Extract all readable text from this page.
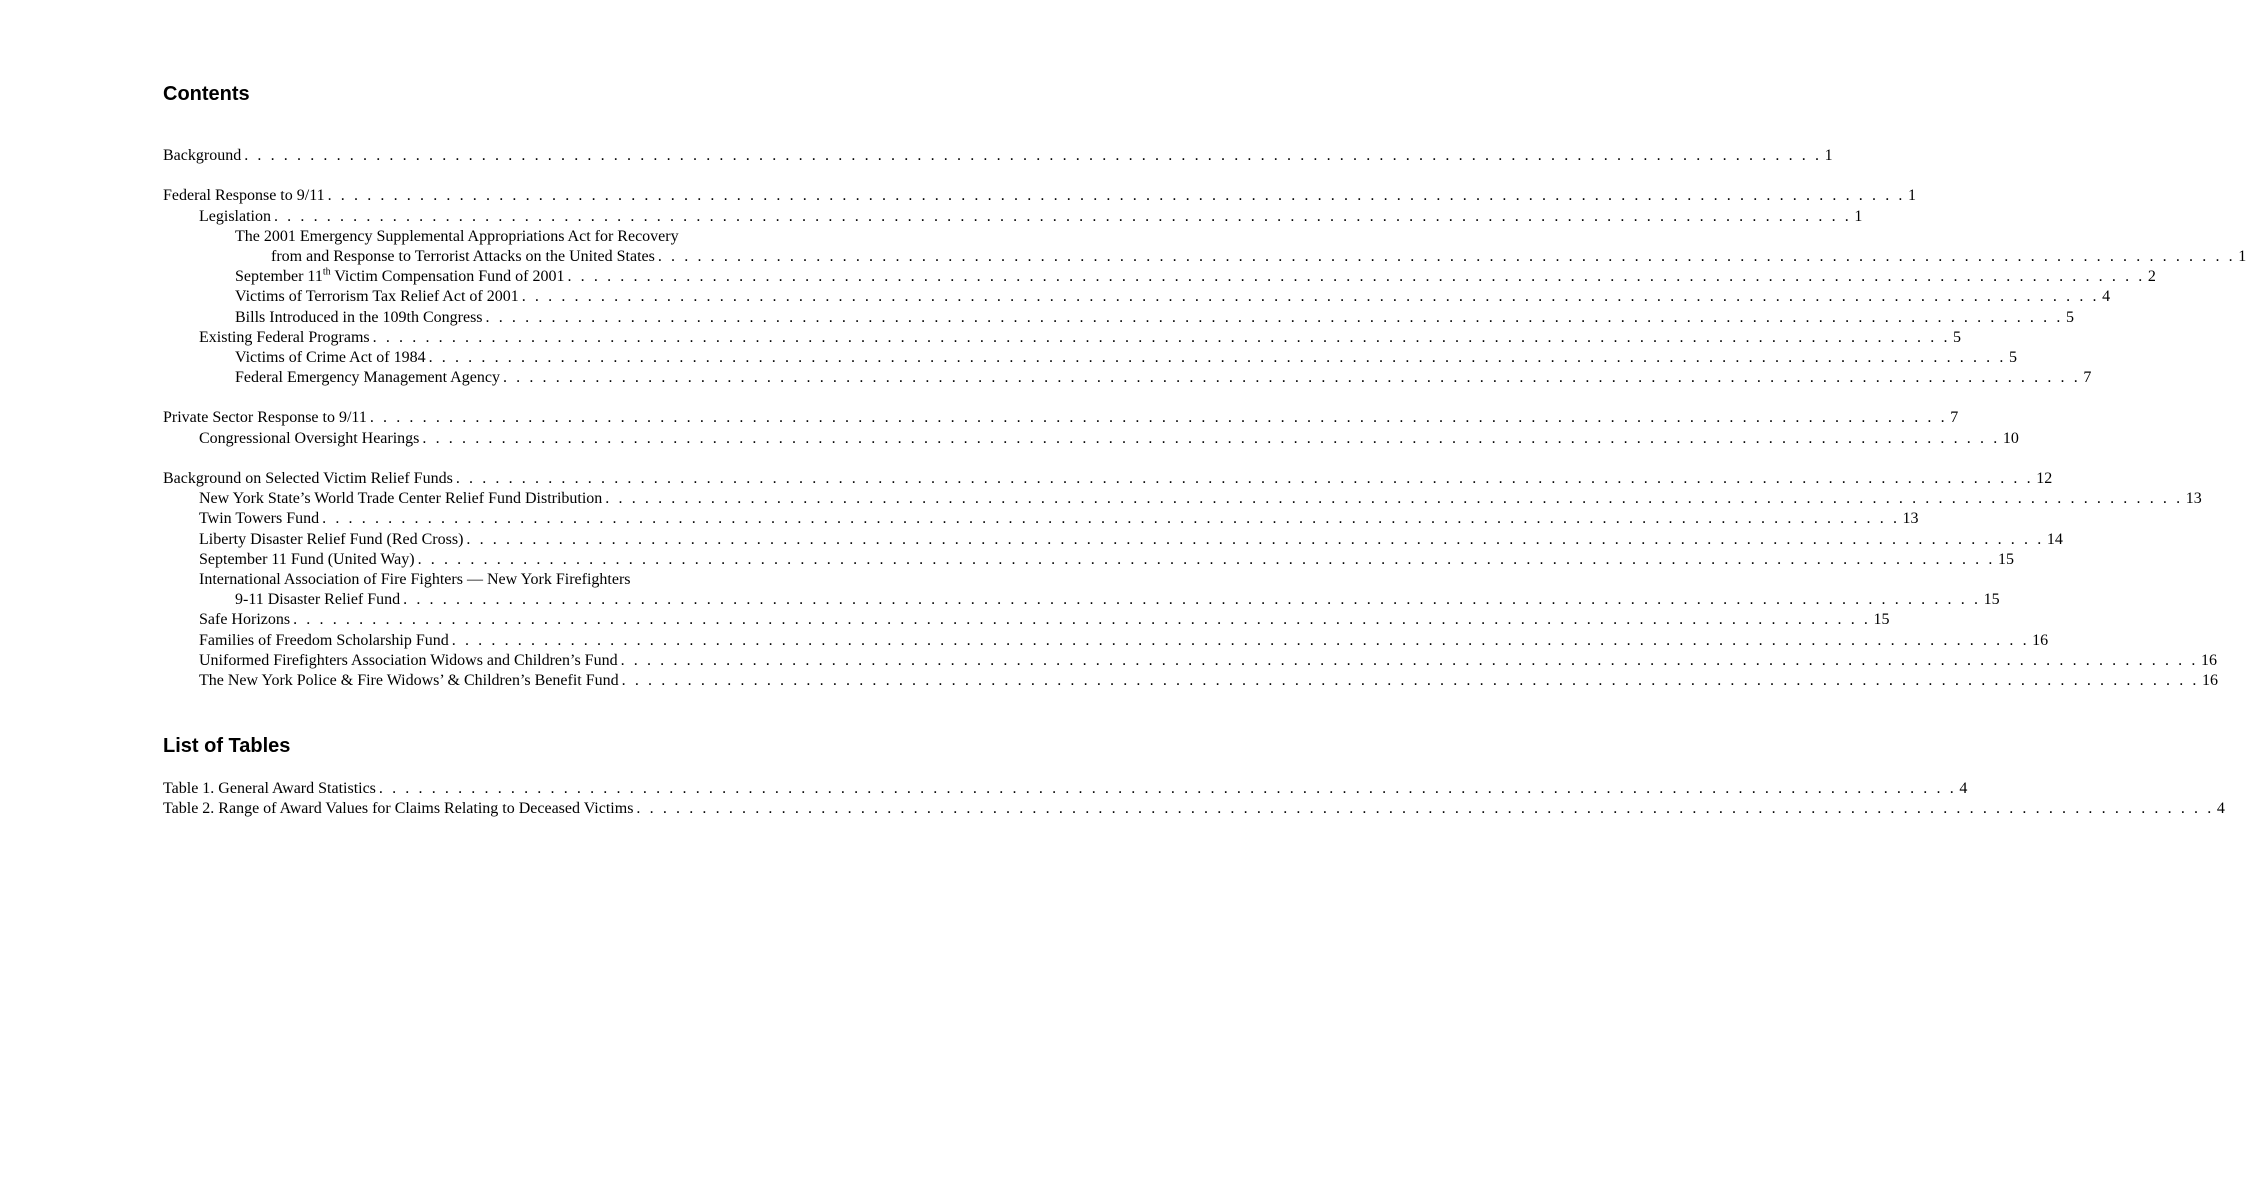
Contents
Background . . . . . . . . . . . . . . . . . . . . . . . . . . . . . . . . . . . . . . . . . . . . . . . . . . . . . . . . . . . . . . . . . . . . . . . . . . . . . . . . . . . . . . . . . . . . . . . . . . . . . . . . . . . . . . . . . . . . . . . . 1
Federal Response to 9/11 . . . . . . . . . . . . . . . . . . . . . . . . . . . . . . . . . . . . . . . . . . . . . . . . . . . . . . . . . . . . . . . . . . . . . . . . . . . . . . . . . . . . . . . . . . . . . . . . . . . . . . . . . . . . . . . . . . . . . . . . 1
Legislation . . . . . . . . . . . . . . . . . . . . . . . . . . . . . . . . . . . . . . . . . . . . . . . . . . . . . . . . . . . . . . . . . . . . . . . . . . . . . . . . . . . . . . . . . . . . . . . . . . . . . . . . . . . . . . . . . . . . . . . . 1
The 2001 Emergency Supplemental Appropriations Act for Recovery
from and Response to Terrorist Attacks on the United States . . . . . . . . . . . . . . . . . . . . . . . . . . . . . . . . . . . . . . . . . . . . . . . . . . . . . . . . . . . . . . . . . . . . . . . . . . . . . . . . . . . . . . . . . . . . . . . . . . . . . . . . . . . . . . . . . . . . . . . . 1
September 11th Victim Compensation Fund of 2001 . . . . . . . . . . . . . . . . . . . . . . . . . . . . . . . . . . . . . . . . . . . . . . . . . . . . . . . . . . . . . . . . . . . . . . . . . . . . . . . . . . . . . . . . . . . . . . . . . . . . . . . . . . . . . . . . . . . . . . . . 2
Victims of Terrorism Tax Relief Act of 2001 . . . . . . . . . . . . . . . . . . . . . . . . . . . . . . . . . . . . . . . . . . . . . . . . . . . . . . . . . . . . . . . . . . . . . . . . . . . . . . . . . . . . . . . . . . . . . . . . . . . . . . . . . . . . . . . . . . . . . . . . 4
Bills Introduced in the 109th Congress . . . . . . . . . . . . . . . . . . . . . . . . . . . . . . . . . . . . . . . . . . . . . . . . . . . . . . . . . . . . . . . . . . . . . . . . . . . . . . . . . . . . . . . . . . . . . . . . . . . . . . . . . . . . . . . . . . . . . . . . 5
Existing Federal Programs . . . . . . . . . . . . . . . . . . . . . . . . . . . . . . . . . . . . . . . . . . . . . . . . . . . . . . . . . . . . . . . . . . . . . . . . . . . . . . . . . . . . . . . . . . . . . . . . . . . . . . . . . . . . . . . . . . . . . . . . 5
Victims of Crime Act of 1984 . . . . . . . . . . . . . . . . . . . . . . . . . . . . . . . . . . . . . . . . . . . . . . . . . . . . . . . . . . . . . . . . . . . . . . . . . . . . . . . . . . . . . . . . . . . . . . . . . . . . . . . . . . . . . . . . . . . . . . . . 5
Federal Emergency Management Agency . . . . . . . . . . . . . . . . . . . . . . . . . . . . . . . . . . . . . . . . . . . . . . . . . . . . . . . . . . . . . . . . . . . . . . . . . . . . . . . . . . . . . . . . . . . . . . . . . . . . . . . . . . . . . . . . . . . . . . . . 7
Private Sector Response to 9/11 . . . . . . . . . . . . . . . . . . . . . . . . . . . . . . . . . . . . . . . . . . . . . . . . . . . . . . . . . . . . . . . . . . . . . . . . . . . . . . . . . . . . . . . . . . . . . . . . . . . . . . . . . . . . . . . . . . . . . . . . 7
Congressional Oversight Hearings . . . . . . . . . . . . . . . . . . . . . . . . . . . . . . . . . . . . . . . . . . . . . . . . . . . . . . . . . . . . . . . . . . . . . . . . . . . . . . . . . . . . . . . . . . . . . . . . . . . . . . . . . . . . . . . . . . . . . . . . 10
Background on Selected Victim Relief Funds . . . . . . . . . . . . . . . . . . . . . . . . . . . . . . . . . . . . . . . . . . . . . . . . . . . . . . . . . . . . . . . . . . . . . . . . . . . . . . . . . . . . . . . . . . . . . . . . . . . . . . . . . . . . . . . . . . . . . . . . 12
New York State’s World Trade Center Relief Fund Distribution . . . . . . . . . . . . . . . . . . . . . . . . . . . . . . . . . . . . . . . . . . . . . . . . . . . . . . . . . . . . . . . . . . . . . . . . . . . . . . . . . . . . . . . . . . . . . . . . . . . . . . . . . . . . . . . . . . . . . . . . 13
Twin Towers Fund . . . . . . . . . . . . . . . . . . . . . . . . . . . . . . . . . . . . . . . . . . . . . . . . . . . . . . . . . . . . . . . . . . . . . . . . . . . . . . . . . . . . . . . . . . . . . . . . . . . . . . . . . . . . . . . . . . . . . . . . 13
Liberty Disaster Relief Fund (Red Cross) . . . . . . . . . . . . . . . . . . . . . . . . . . . . . . . . . . . . . . . . . . . . . . . . . . . . . . . . . . . . . . . . . . . . . . . . . . . . . . . . . . . . . . . . . . . . . . . . . . . . . . . . . . . . . . . . . . . . . . . . 14
September 11 Fund (United Way) . . . . . . . . . . . . . . . . . . . . . . . . . . . . . . . . . . . . . . . . . . . . . . . . . . . . . . . . . . . . . . . . . . . . . . . . . . . . . . . . . . . . . . . . . . . . . . . . . . . . . . . . . . . . . . . . . . . . . . . . 15
International Association of Fire Fighters — New York Firefighters
9-11 Disaster Relief Fund . . . . . . . . . . . . . . . . . . . . . . . . . . . . . . . . . . . . . . . . . . . . . . . . . . . . . . . . . . . . . . . . . . . . . . . . . . . . . . . . . . . . . . . . . . . . . . . . . . . . . . . . . . . . . . . . . . . . . . . . 15
Safe Horizons . . . . . . . . . . . . . . . . . . . . . . . . . . . . . . . . . . . . . . . . . . . . . . . . . . . . . . . . . . . . . . . . . . . . . . . . . . . . . . . . . . . . . . . . . . . . . . . . . . . . . . . . . . . . . . . . . . . . . . . . 15
Families of Freedom Scholarship Fund . . . . . . . . . . . . . . . . . . . . . . . . . . . . . . . . . . . . . . . . . . . . . . . . . . . . . . . . . . . . . . . . . . . . . . . . . . . . . . . . . . . . . . . . . . . . . . . . . . . . . . . . . . . . . . . . . . . . . . . . 16
Uniformed Firefighters Association Widows and Children’s Fund . . . . . . . . . . . . . . . . . . . . . . . . . . . . . . . . . . . . . . . . . . . . . . . . . . . . . . . . . . . . . . . . . . . . . . . . . . . . . . . . . . . . . . . . . . . . . . . . . . . . . . . . . . . . . . . . . . . . . . . . 16
The New York Police & Fire Widows’ & Children’s Benefit Fund . . . . . . . . . . . . . . . . . . . . . . . . . . . . . . . . . . . . . . . . . . . . . . . . . . . . . . . . . . . . . . . . . . . . . . . . . . . . . . . . . . . . . . . . . . . . . . . . . . . . . . . . . . . . . . . . . . . . . . . . 16
List of Tables
Table 1. General Award Statistics . . . . . . . . . . . . . . . . . . . . . . . . . . . . . . . . . . . . . . . . . . . . . . . . . . . . . . . . . . . . . . . . . . . . . . . . . . . . . . . . . . . . . . . . . . . . . . . . . . . . . . . . . . . . . . . . . . . . . . . . 4
Table 2. Range of Award Values for Claims Relating to Deceased Victims . . . . . . . . . . . . . . . . . . . . . . . . . . . . . . . . . . . . . . . . . . . . . . . . . . . . . . . . . . . . . . . . . . . . . . . . . . . . . . . . . . . . . . . . . . . . . . . . . . . . . . . . . . . . . . . . . . . . . . . . 4
